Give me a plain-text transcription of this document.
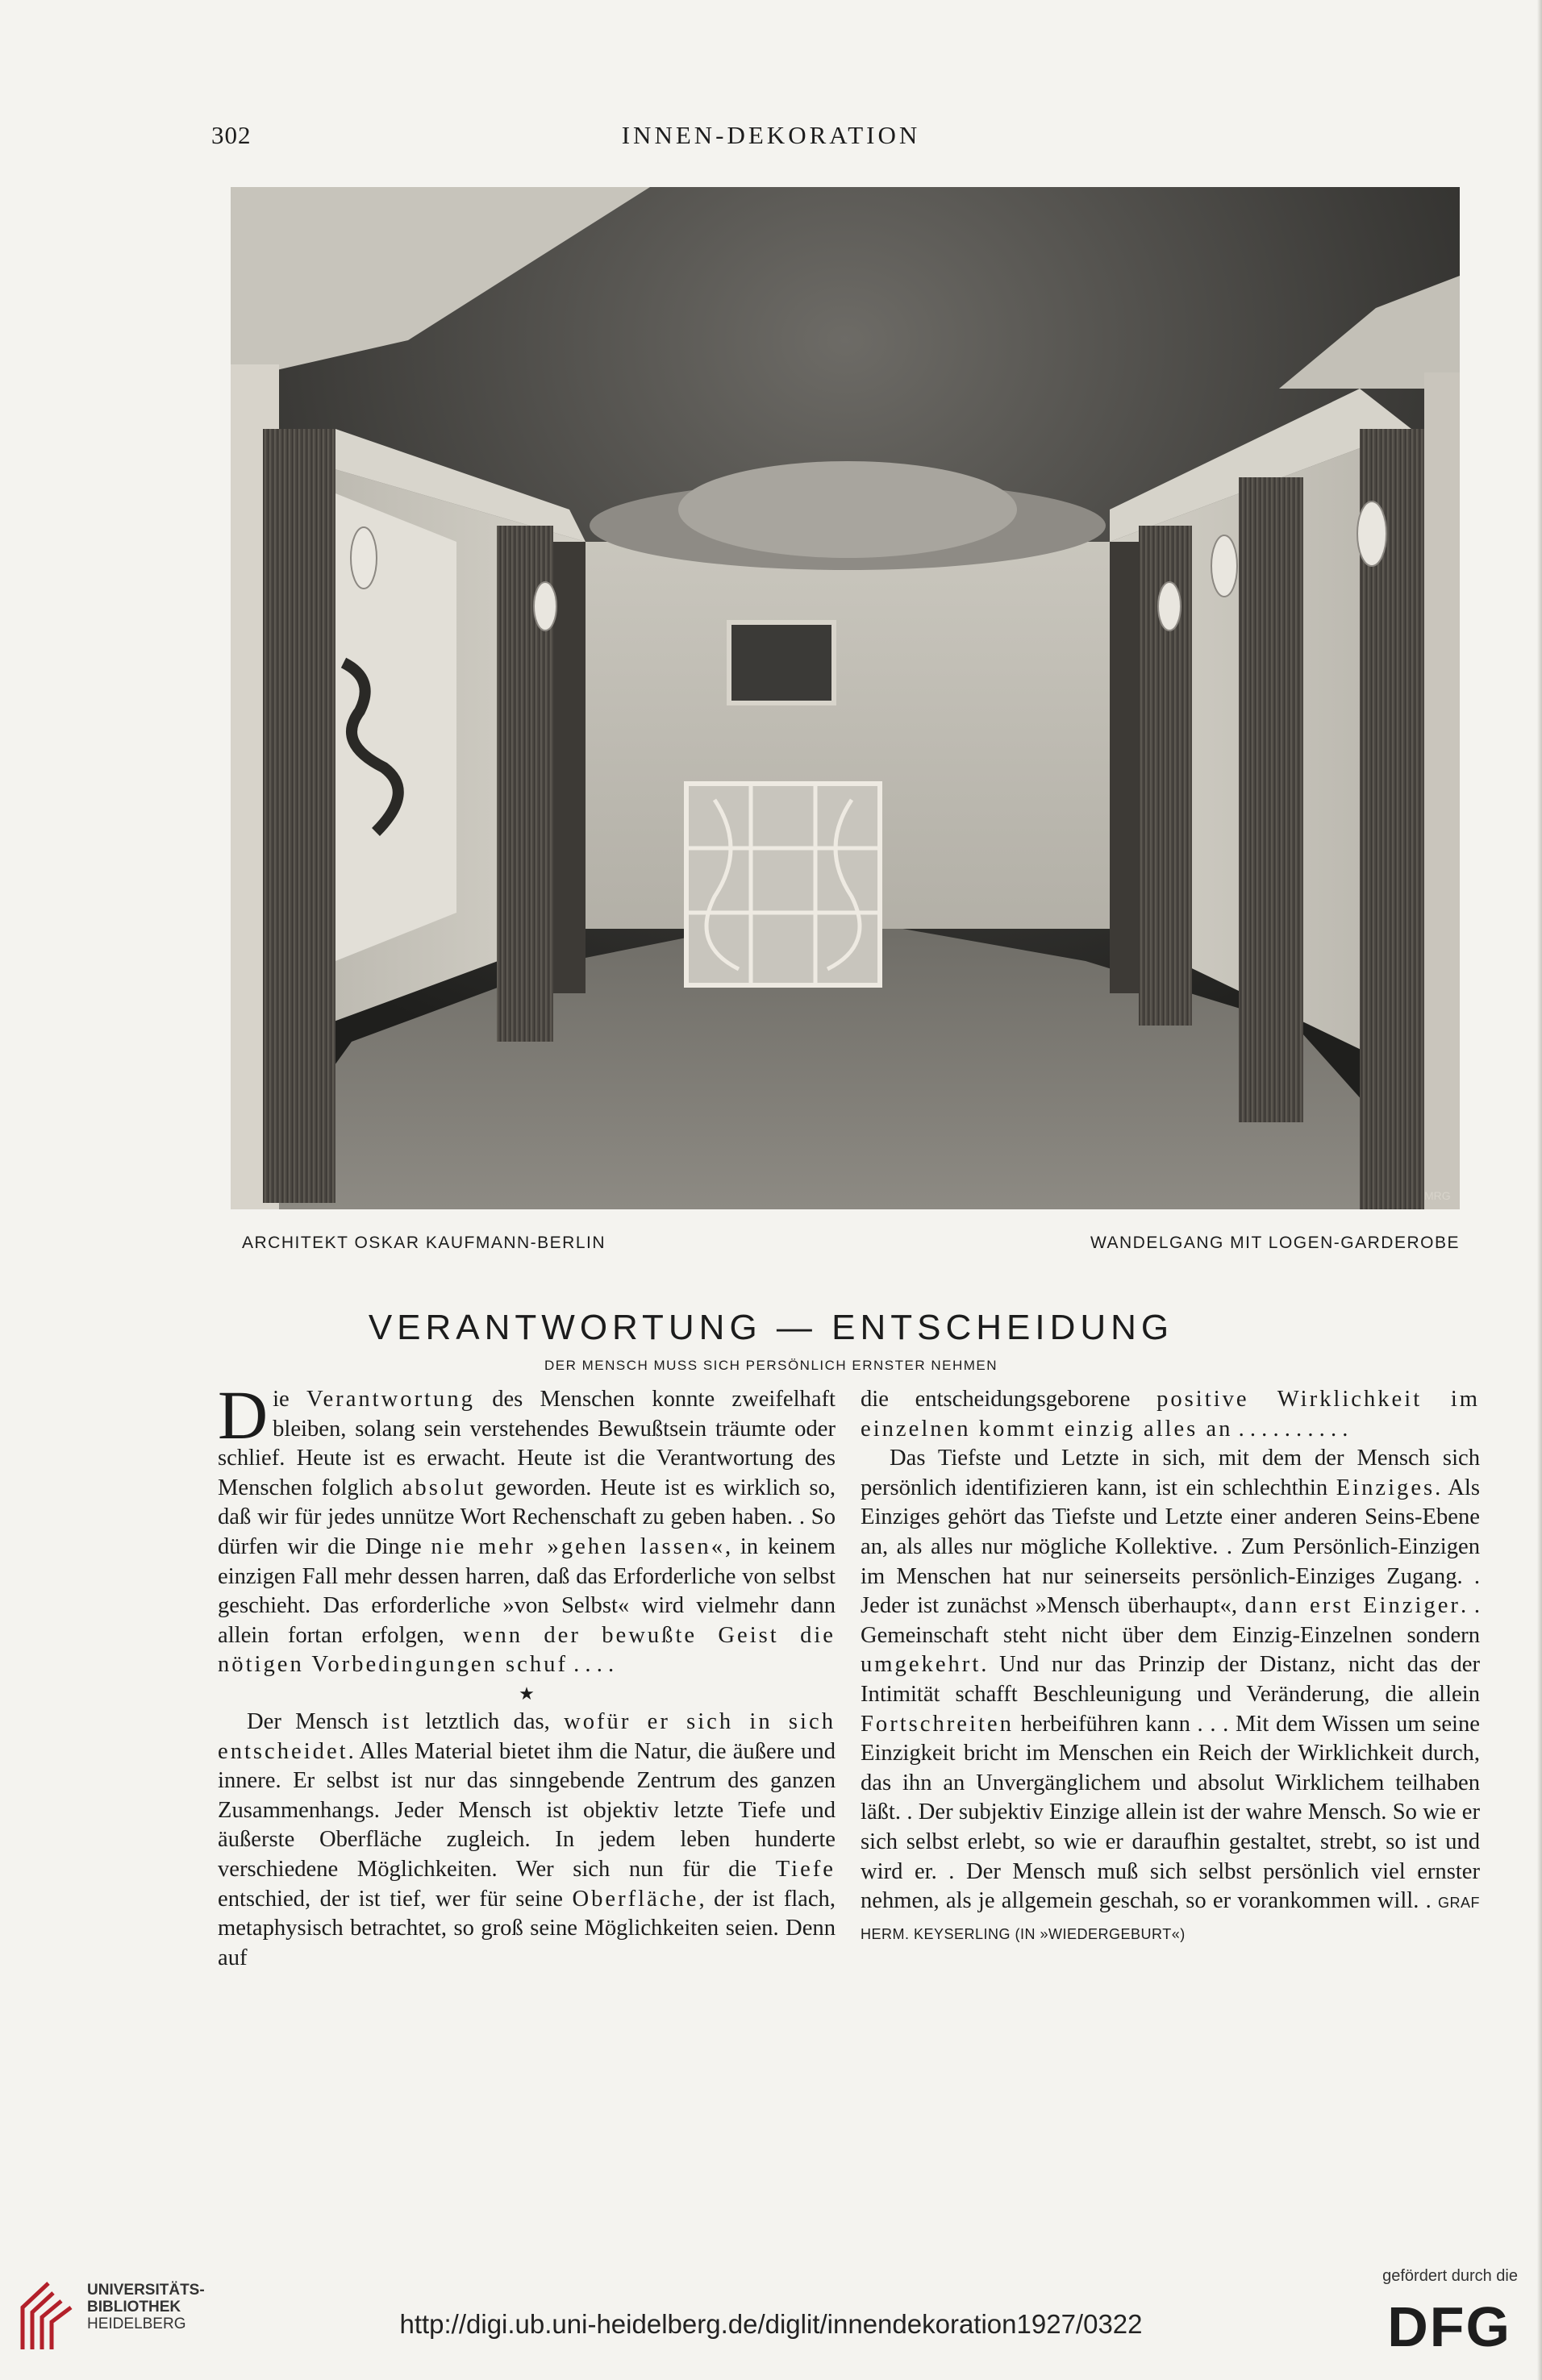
302	INNEN-DEKORATION
MRG
ARCHITEKT OSKAR KAUFMANN-BERLIN	WANDELGANG MIT LOGEN-GARDEROBE
VERANTWORTUNG — ENTSCHEIDUNG
DER MENSCH MUSS SICH PERSÖNLICH ERNSTER NEHMEN

Die Verantwortung des Menschen konnte zweifelhaft bleiben, solang sein verstehendes Bewußtsein träumte oder schlief. Heute ist es erwacht. Heute ist die Verantwortung des Menschen folglich absolut geworden. Heute ist es wirklich so, daß wir für jedes unnütze Wort Rechenschaft zu geben haben. . So dürfen wir die Dinge nie mehr »gehen lassen«, in keinem einzigen Fall mehr dessen harren, daß das Erforderliche von selbst geschieht. Das erforderliche »von Selbst« wird vielmehr dann allein fortan erfolgen, wenn der bewußte Geist die nötigen Vorbedingungen schuf . . . .

★

Der Mensch ist letztlich das, wofür er sich in sich entscheidet. Alles Material bietet ihm die Natur, die äußere und innere. Er selbst ist nur das sinngebende Zentrum des ganzen Zusammenhangs. Jeder Mensch ist objektiv letzte Tiefe und äußerste Oberfläche zugleich. In jedem leben hunderte verschiedene Möglichkeiten. Wer sich nun für die Tiefe entschied, der ist tief, wer für seine Oberfläche, der ist flach, metaphysisch betrachtet, so groß seine Möglichkeiten seien. Denn auf

die entscheidungsgeborene positive Wirklichkeit im einzelnen kommt einzig alles an . . . . . . . . . .

Das Tiefste und Letzte in sich, mit dem der Mensch sich persönlich identifizieren kann, ist ein schlechthin Einziges. Als Einziges gehört das Tiefste und Letzte einer anderen Seins-Ebene an, als alles nur mögliche Kollektive. . Zum Persönlich-Einzigen im Menschen hat nur seinerseits persönlich-Einziges Zugang. . Jeder ist zunächst »Mensch überhaupt«, dann erst Einziger. . Gemeinschaft steht nicht über dem Einzig-Einzelnen sondern umgekehrt. Und nur das Prinzip der Distanz, nicht das der Intimität schafft Beschleunigung und Veränderung, die allein Fortschreiten herbeiführen kann . . . Mit dem Wissen um seine Einzigkeit bricht im Menschen ein Reich der Wirklichkeit durch, das ihn an Unvergänglichem und absolut Wirklichem teilhaben läßt. . Der subjektiv Einzige allein ist der wahre Mensch. So wie er sich selbst erlebt, so wie er daraufhin gestaltet, strebt, so ist und wird er. . Der Mensch muß sich selbst persönlich viel ernster nehmen, als je allgemein geschah, so er vorankommen will. . GRAF HERM. KEYSERLING (IN »WIEDERGEBURT«)

UNIVERSITÄTS-
BIBLIOTHEK
HEIDELBERG	http://digi.ub.uni-heidelberg.de/diglit/innendekoration1927/0322
gefördert durch die
DFG
